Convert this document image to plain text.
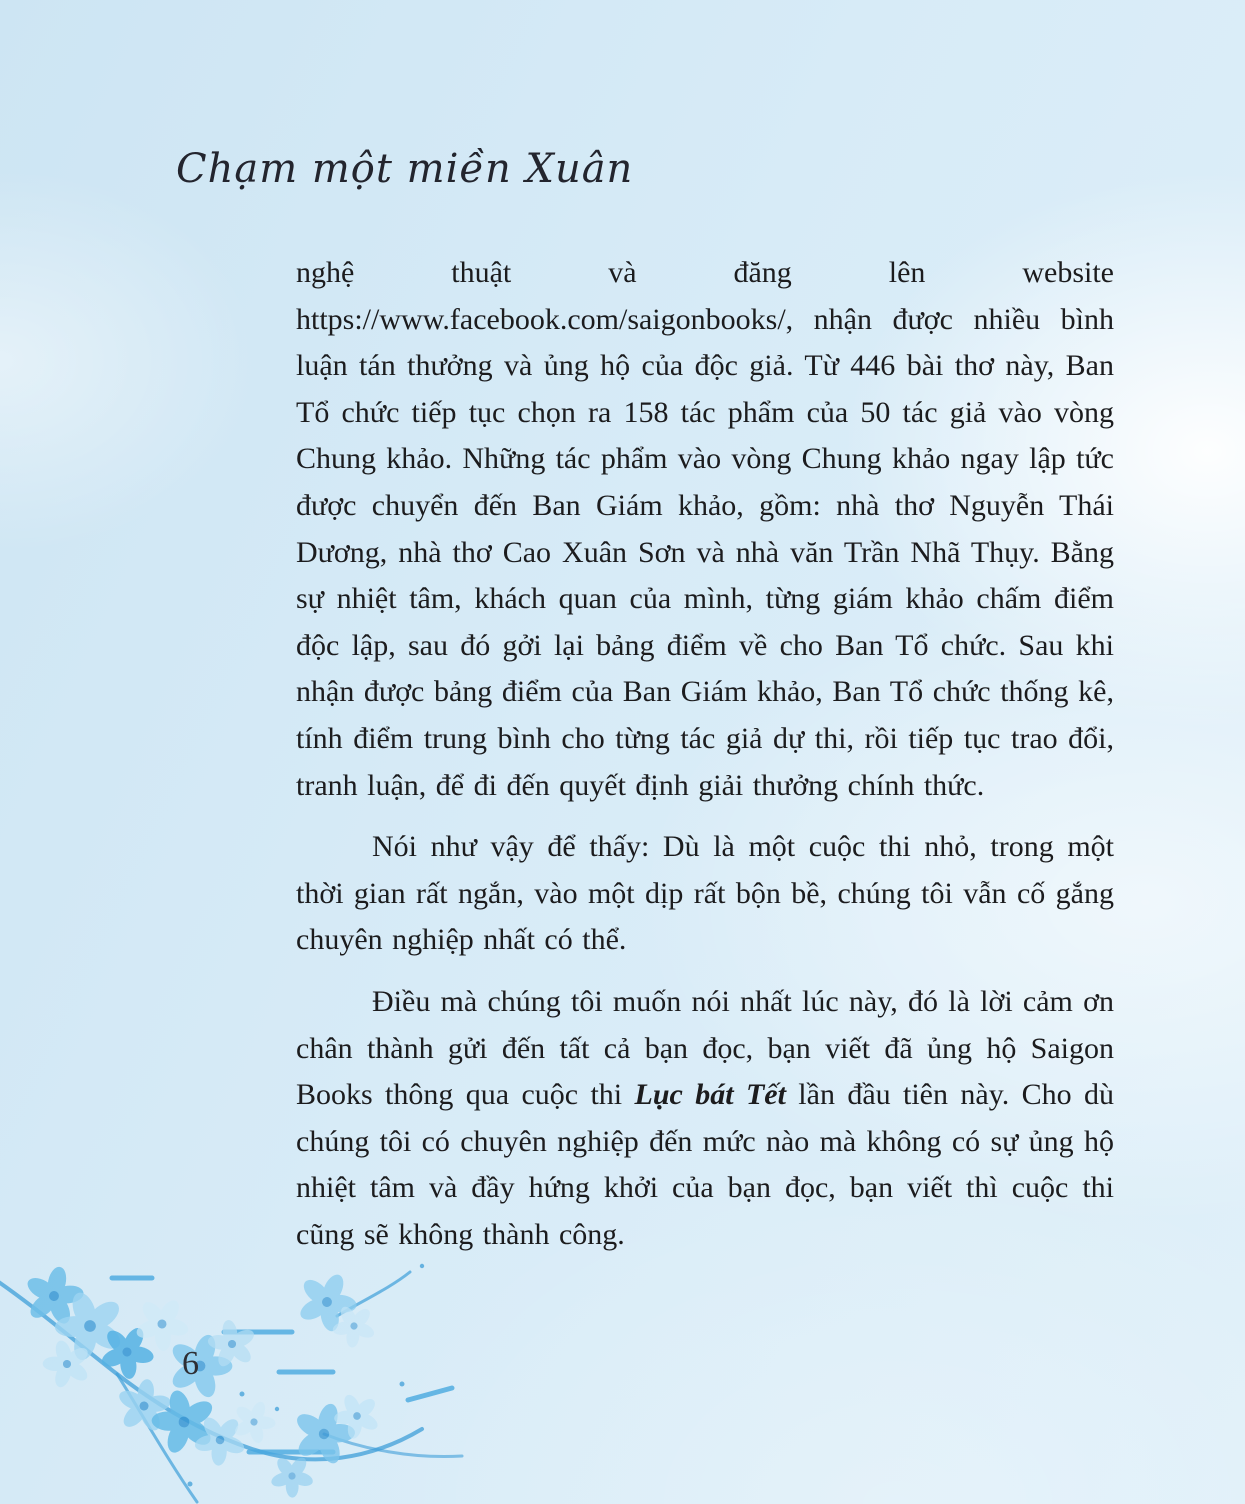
Chạm một miền Xuân

nghệ thuật và đăng lên website https://www.facebook.com/saigonbooks/, nhận được nhiều bình luận tán thưởng và ủng hộ của độc giả. Từ 446 bài thơ này, Ban Tổ chức tiếp tục chọn ra 158 tác phẩm của 50 tác giả vào vòng Chung khảo. Những tác phẩm vào vòng Chung khảo ngay lập tức được chuyển đến Ban Giám khảo, gồm: nhà thơ Nguyễn Thái Dương, nhà thơ Cao Xuân Sơn và nhà văn Trần Nhã Thụy. Bằng sự nhiệt tâm, khách quan của mình, từng giám khảo chấm điểm độc lập, sau đó gởi lại bảng điểm về cho Ban Tổ chức. Sau khi nhận được bảng điểm của Ban Giám khảo, Ban Tổ chức thống kê, tính điểm trung bình cho từng tác giả dự thi, rồi tiếp tục trao đổi, tranh luận, để đi đến quyết định giải thưởng chính thức.

Nói như vậy để thấy: Dù là một cuộc thi nhỏ, trong một thời gian rất ngắn, vào một dịp rất bộn bề, chúng tôi vẫn cố gắng chuyên nghiệp nhất có thể.

Điều mà chúng tôi muốn nói nhất lúc này, đó là lời cảm ơn chân thành gửi đến tất cả bạn đọc, bạn viết đã ủng hộ Saigon Books thông qua cuộc thi Lục bát Tết lần đầu tiên này. Cho dù chúng tôi có chuyên nghiệp đến mức nào mà không có sự ủng hộ nhiệt tâm và đầy hứng khởi của bạn đọc, bạn viết thì cuộc thi cũng sẽ không thành công.

6
